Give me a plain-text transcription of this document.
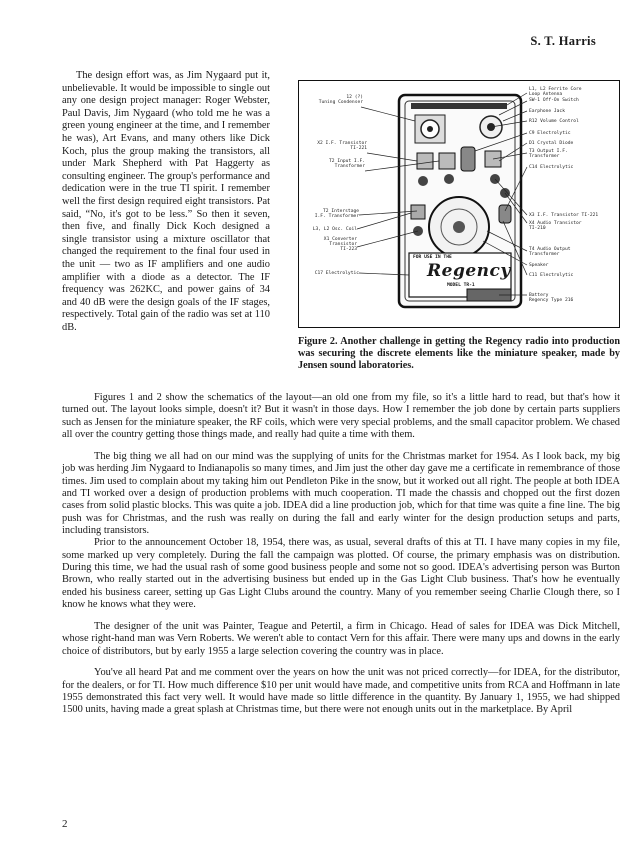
S. T. Harris

The design effort was, as Jim Nygaard put it, unbelievable. It would be impossible to single out any one design project manager: Roger Webster, Paul Davis, Jim Nygaard (who told me he was a green young engineer at the time, and I remember he was), Art Evans, and many others like Dick Koch, plus the group making the transistors, all under Mark Shepherd with Pat Haggerty as consulting engineer. The group's performance and dedication were in the true TI spirit. I remember well the first design required eight transistors. Pat said, “No, it's got to be less.” So then it seven, then five, and finally Dick Koch designed a single transistor using a mixture oscillator that changed the requirement to the final four used in the unit — two as IF amplifiers and one audio amplifier with a diode as a detector. The IF frequency was 262KC, and power gains of 34 and 40 dB were the design goals of the IF stages, respectively. Total gain of the radio was set at 110 dB.

12 (?)
Tuning Condenser
X2 I.F. Transistor
TI-221
T2 Input I.F.
Transformer
T2 Interstage
I.F. Transformer
L3, L2 Osc. Coil
X1 Converter
Transistor
TI-223
C17 Electrolytic
L1, L2 Ferrite Core
Loop Antenna
SW-1 Off-On Switch
Earphone Jack
R12 Volume Control
C9 Electrolytic
D1 Crystal Diode
T3 Output I.F.
Transformer
C14 Electrolytic
X3 I.F. Transistor TI-221
X4 Audio Transistor
TI-210
T4 Audio Output
Transformer
Speaker
C11 Electrolytic
Battery
Regency Type 216
FOR USE IN THE
Regency
MODEL TR-1
Figure 2. Another challenge in getting the Regency radio into production was securing the discrete elements like the miniature speaker, made by Jensen sound laboratories.

Figures 1 and 2 show the schematics of the layout—an old one from my file, so it's a little hard to read, but that's how it turned out. The layout looks simple, doesn't it? But it wasn't in those days. How I remember the job done by certain parts suppliers such as Jensen for the miniature speaker, the RF coils, which were very special problems, and the small capacitor problem. We chased all over the country getting those things made, and really had quite a time with them.

The big thing we all had on our mind was the supplying of units for the Christmas market for 1954. As I look back, my big job was herding Jim Nygaard to Indianapolis so many times, and Jim just the other day gave me a certificate in remembrance of those times. Jim used to complain about my taking him out Pendleton Pike in the snow, but it worked out all right. The people at both IDEA and TI worked over a design of production problems with much cooperation. TI made the chassis and chopped out the first dozen cases from solid plastic blocks. This was quite a job. IDEA did a line production job, which for that time was quite a fine line. The big push was for Christmas, and the rush was really on during the fall and early winter for the design production setups and parts, including transistors.

Prior to the announcement October 18, 1954, there was, as usual, several drafts of this at TI. I have many copies in my file, some marked up very completely. During the fall the campaign was plotted. Of course, the primary emphasis was on distribution. During this time, we had the usual rash of some good business people and some not so good. IDEA's advertising person was Burton Brown, who really started out in the advertising business but ended up in the Gas Light Club business. That's how he eventually ended his business career, setting up Gas Light Clubs around the country. Many of you remember seeing Charlie Clough there, so I know he knows what they were.

The designer of the unit was Painter, Teague and Petertil, a firm in Chicago. Head of sales for IDEA was Dick Mitchell, whose right-hand man was Vern Roberts. We weren't able to contact Vern for this affair. There were many ups and downs in the early choice of distributors, but by early 1955 a large selection covering the country was in place.

You've all heard Pat and me comment over the years on how the unit was not priced correctly—for IDEA, for the distributor, for the dealers, or for TI. How much difference $10 per unit would have made, and competitive units from RCA and Hoffmann in late 1955 demonstrated this fact very well. It would have made so little difference in the quantity. By January 1, 1955, we had shipped 1500 units, having made a great splash at Christmas time, but there were not enough units out in the marketplace. By April

2
